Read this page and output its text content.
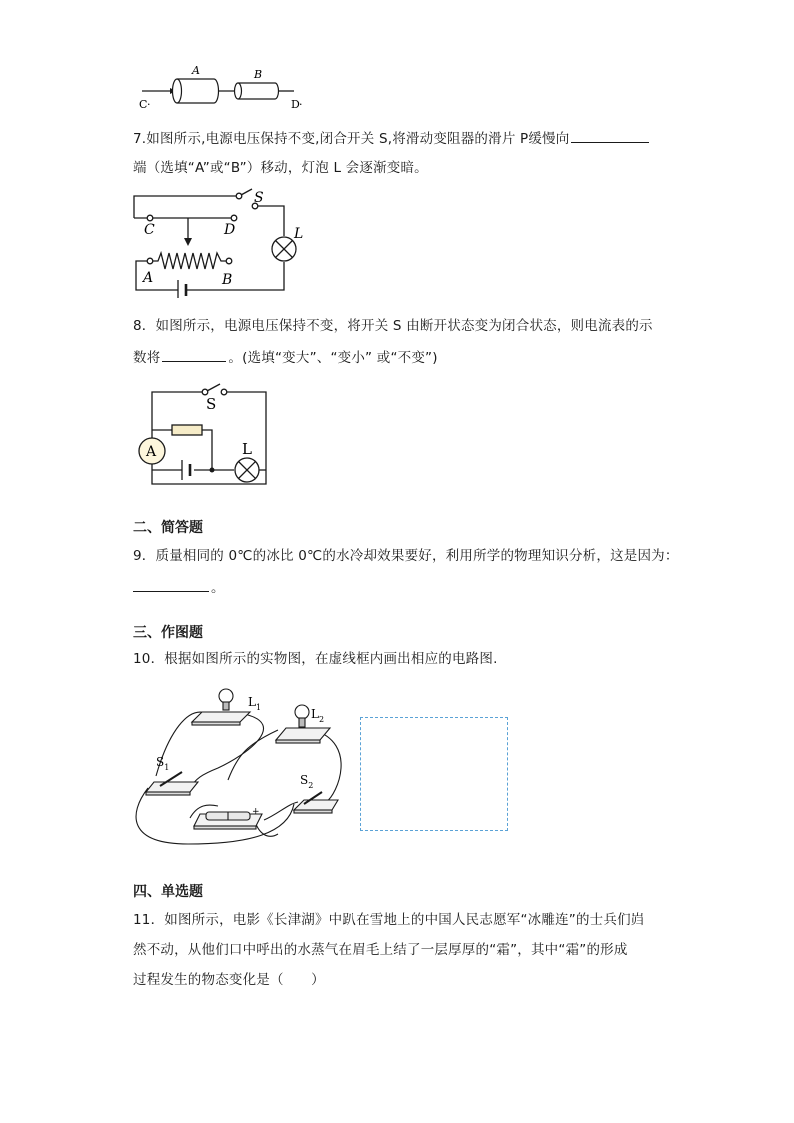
A	B
C	D
·	·
7.如图所示,电源电压保持不变,闭合开关 S,将滑动变阻器的滑片 P缓慢向
端（选填“A”或“B”）移动，灯泡 L 会逐渐变暗。
S
C	D	L
A	B
8．如图所示，电源电压保持不变，将开关 S 由断开状态变为闭合状态，则电流表的示
数将	。(选填“变大”、“变小” 或“不变”)
A
S
L
二、简答题
9．质量相同的 0℃的冰比 0℃的水冷却效果要好，利用所学的物理知识分析，这是因为：
。
三、作图题
10．根据如图所示的实物图，在虚线框内画出相应的电路图.
$L_1$	$L_2$
$S_1$
$S_2$
+
四、单选题
11．如图所示，电影《长津湖》中趴在雪地上的中国人民志愿军“冰雕连”的士兵们岿
然不动，从他们口中呼出的水蒸气在眉毛上结了一层厚厚的“霜”，其中“霜”的形成
过程发生的物态变化是（　　）
